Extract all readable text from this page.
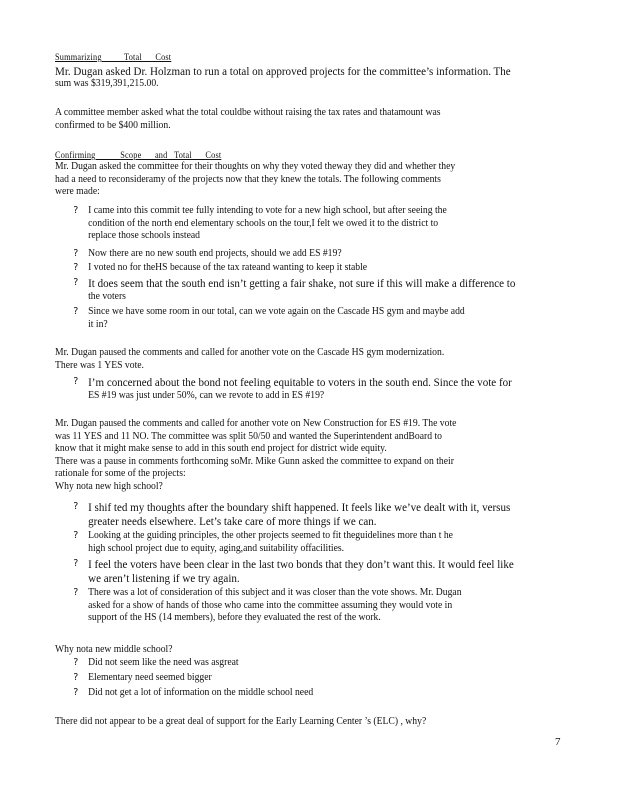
Summarizing          Total      Cost
Mr. Dugan asked Dr. Holzman to run a total on approved projects for the committee’s information. The
sum was $319,391,215.00.
A committee member asked what the total couldbe without raising the tax rates and thatamount was
confirmed to be $400 million.
Confirming           Scope      and   Total      Cost
Mr. Dugan asked the committee for their thoughts on why they voted theway they did and whether they
had a need to reconsideramy of the projects now that they knew the totals. The following comments
were made:
? I came into this commit tee fully intending to vote for a new high school, but after seeing the
condition of the north end elementary schools on the tour,I felt we owed it to the district to
replace those schools instead
? Now there are no new south end projects, should we add ES #19?
? I voted no for theHS because of the tax rateand wanting to keep it stable
? It does seem that the south end isn’t getting a fair shake, not sure if this will make a difference to
the voters
? Since we have some room in our total, can we vote again on the Cascade HS gym and maybe add
it in?
Mr. Dugan paused the comments and called for another vote on the Cascade HS gym modernization.
There was 1 YES vote.
? I’m concerned about the bond not feeling equitable to voters in the south end. Since the vote for
ES #19 was just under 50%, can we revote to add in ES #19?
Mr. Dugan paused the comments and called for another vote on New Construction for ES #19. The vote
was 11 YES and 11 NO. The committee was split 50/50 and wanted the Superintendent andBoard to
know that it might make sense to add in this south end project for district wide equity.
There was a pause in comments forthcoming soMr. Mike Gunn asked the committee to expand on their
rationale for some of the projects:
Why nota new high school?
? I shif ted my thoughts after the boundary shift happened. It feels like we’ve dealt with it, versus
greater needs elsewhere. Let’s take care of more things if we can.
? Looking at the guiding principles, the other projects seemed to fit theguidelines more than t he
high school project due to equity, aging,and suitability offacilities.
? I feel the voters have been clear in the last two bonds that they don’t want this. It would feel like
we aren’t listening if we try again.
? There was a lot of consideration of this subject and it was closer than the vote shows. Mr. Dugan
asked for a show of hands of those who came into the committee assuming they would vote in
support of the HS (14 members), before they evaluated the rest of the work.
Why nota new middle school?
? Did not seem like the need was asgreat
? Elementary need seemed bigger
? Did not get a lot of information on the middle school need
There did not appear to be a great deal of support for the Early Learning Center ’s (ELC) , why?
7
